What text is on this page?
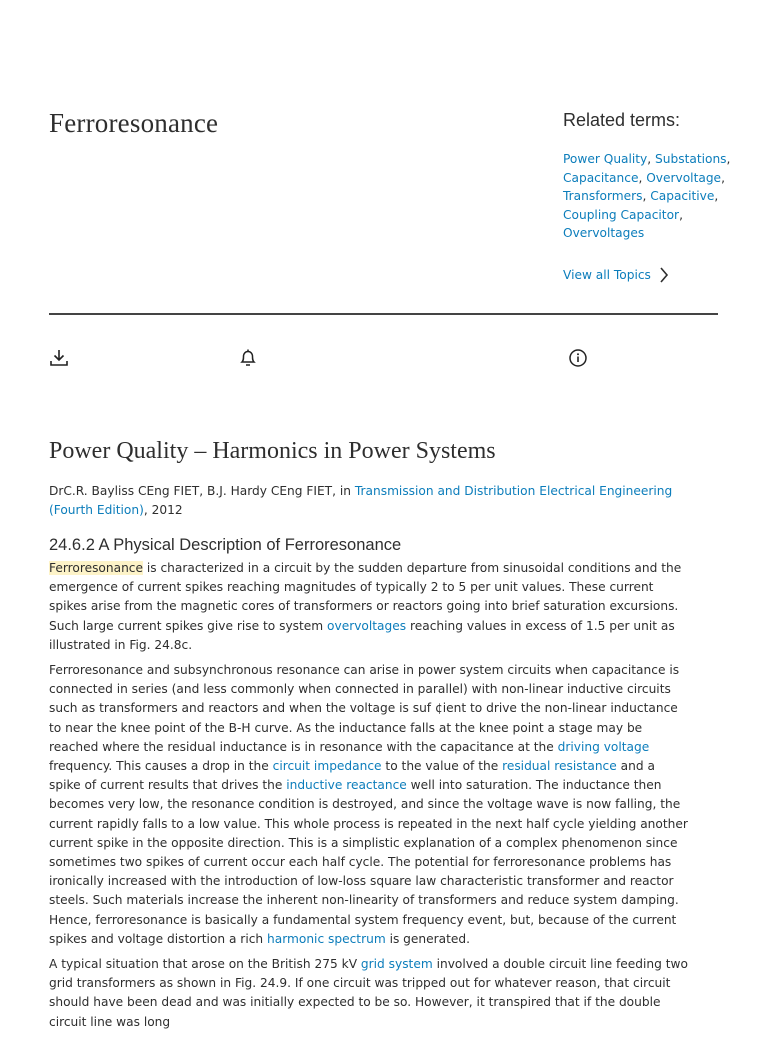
Ferroresonance	Related terms:
Power Quality, Substations, Capacitance, Overvoltage, Transformers, Capacitive, Coupling Capacitor, Overvoltages
View all Topics
Power Quality – Harmonics in Power Systems
DrC.R. Bayliss CEng FIET, B.J. Hardy CEng FIET, in Transmission and Distribution Electrical Engineering (Fourth Edition), 2012
24.6.2 A Physical Description of Ferroresonance

Ferroresonance is characterized in a circuit by the sudden departure from sinusoidal conditions and the emergence of current spikes reaching magnitudes of typically 2 to 5 per unit values. These current spikes arise from the magnetic cores of transformers or reactors going into brief saturation excursions. Such large current spikes give rise to system overvoltages reaching values in excess of 1.5 per unit as illustrated in Fig. 24.8c.

Ferroresonance and subsynchronous resonance can arise in power system circuits when capacitance is connected in series (and less commonly when connected in parallel) with non-linear inductive circuits such as transformers and reactors and when the voltage is suf ¢ient to drive the non-linear inductance to near the knee point of the B-H curve. As the inductance falls at the knee point a stage may be reached where the residual inductance is in resonance with the capacitance at the driving voltage frequency. This causes a drop in the circuit impedance to the value of the residual resistance and a spike of current results that drives the inductive reactance well into saturation. The inductance then becomes very low, the resonance condition is destroyed, and since the voltage wave is now falling, the current rapidly falls to a low value. This whole process is repeated in the next half cycle yielding another current spike in the opposite direction. This is a simplistic explanation of a complex phenomenon since sometimes two spikes of current occur each half cycle. The potential for ferroresonance problems has ironically increased with the introduction of low-loss square law characteristic transformer and reactor steels. Such materials increase the inherent non-linearity of transformers and reduce system damping. Hence, ferroresonance is basically a fundamental system frequency event, but, because of the current spikes and voltage distortion a rich harmonic spectrum is generated.

A typical situation that arose on the British 275 kV grid system involved a double circuit line feeding two grid transformers as shown in Fig. 24.9. If one circuit was tripped out for whatever reason, that circuit should have been dead and was initially expected to be so. However, it transpired that if the double circuit line was long
